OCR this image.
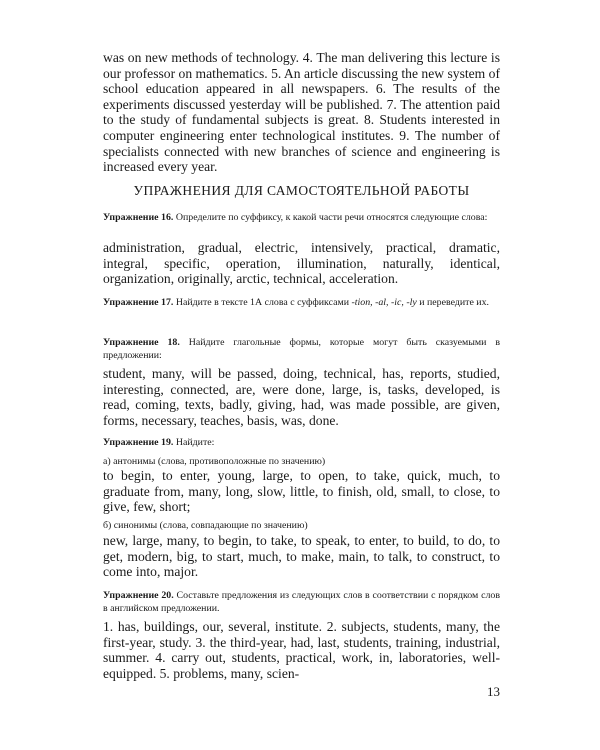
was on new methods of technology. 4. The man delivering this lecture is our professor on mathematics. 5. An article discussing the new system of school education appeared in all newspapers. 6. The results of the experiments discussed yesterday will be published. 7. The attention paid to the study of fundamental subjects is great. 8. Students interested in computer engineering enter technological institutes. 9. The number of specialists connected with new branches of science and engineering is increased every year.

УПРАЖНЕНИЯ ДЛЯ САМОСТОЯТЕЛЬНОЙ РАБОТЫ

Упражнение 16. Определите по суффиксу, к какой части речи относятся следующие слова:

administration, gradual, electric, intensively, practical, dramatic, integral, specific, operation, illumination, naturally, identical, organization, originally, arctic, technical, acceleration.

Упражнение 17. Найдите в тексте 1А слова с суффиксами -tion, -al, -ic, -ly и переведите их.

Упражнение 18. Найдите глагольные формы, которые могут быть сказуемыми в предложении:

student, many, will be passed, doing, technical, has, reports, studied, interesting, connected, are, were done, large, is, tasks, developed, is read, coming, texts, badly, giving, had, was made possible, are given, forms, necessary, teaches, basis, was, done.

Упражнение 19. Найдите:

а) антонимы (слова, противоположные по значению)

to begin, to enter, young, large, to open, to take, quick, much, to graduate from, many, long, slow, little, to finish, old, small, to close, to give, few, short;

б) синонимы (слова, совпадающие по значению)

new, large, many, to begin, to take, to speak, to enter, to build, to do, to get, modern, big, to start, much, to make, main, to talk, to construct, to come into, major.

Упражнение 20. Составьте предложения из следующих слов в соответствии с порядком слов в английском предложении.

1. has, buildings, our, several, institute. 2. subjects, students, many, the first-year, study. 3. the third-year, had, last, students, training, industrial, summer. 4. carry out, students, practical, work, in, laboratories, well-equipped. 5. problems, many, scien-

13
